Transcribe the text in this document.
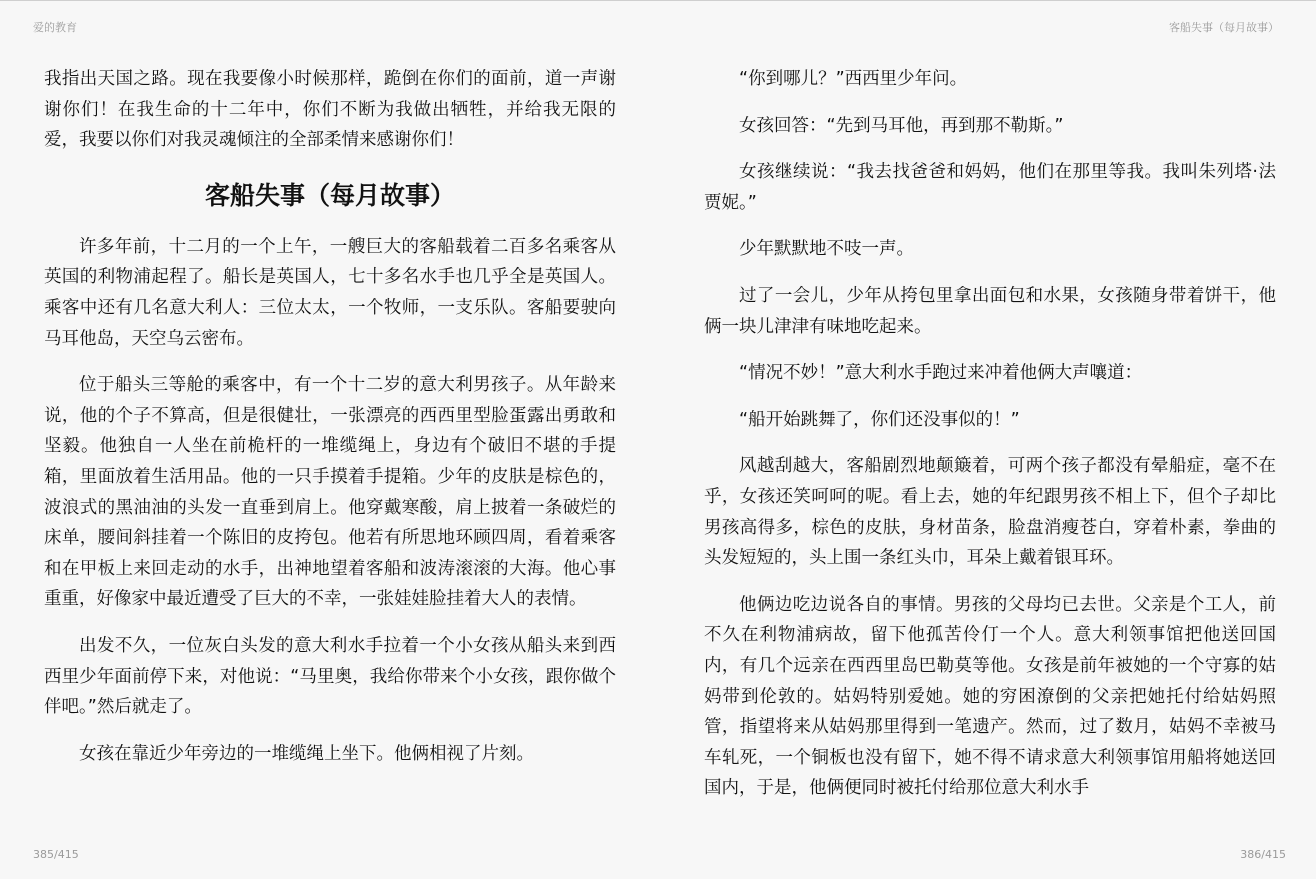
爱的教育	客船失事（每月故事）

我指出天国之路。现在我要像小时候那样，跪倒在你们的面前，道一声谢谢你们！在我生命的十二年中，你们不断为我做出牺牲，并给我无限的爱，我要以你们对我灵魂倾注的全部柔情来感谢你们！

客船失事（每月故事）

许多年前，十二月的一个上午，一艘巨大的客船载着二百多名乘客从英国的利物浦起程了。船长是英国人，七十多名水手也几乎全是英国人。乘客中还有几名意大利人：三位太太，一个牧师，一支乐队。客船要驶向马耳他岛，天空乌云密布。

位于船头三等舱的乘客中，有一个十二岁的意大利男孩子。从年龄来说，他的个子不算高，但是很健壮，一张漂亮的西西里型脸蛋露出勇敢和坚毅。他独自一人坐在前桅杆的一堆缆绳上，身边有个破旧不堪的手提箱，里面放着生活用品。他的一只手摸着手提箱。少年的皮肤是棕色的，波浪式的黑油油的头发一直垂到肩上。他穿戴寒酸，肩上披着一条破烂的床单，腰间斜挂着一个陈旧的皮挎包。他若有所思地环顾四周，看着乘客和在甲板上来回走动的水手，出神地望着客船和波涛滚滚的大海。他心事重重，好像家中最近遭受了巨大的不幸，一张娃娃脸挂着大人的表情。

出发不久，一位灰白头发的意大利水手拉着一个小女孩从船头来到西西里少年面前停下来，对他说：“马里奥，我给你带来个小女孩，跟你做个伴吧。”然后就走了。

女孩在靠近少年旁边的一堆缆绳上坐下。他俩相视了片刻。

“你到哪儿？”西西里少年问。

女孩回答：“先到马耳他，再到那不勒斯。”

女孩继续说：“我去找爸爸和妈妈，他们在那里等我。我叫朱列塔·法贾妮。”

少年默默地不吱一声。

过了一会儿，少年从挎包里拿出面包和水果，女孩随身带着饼干，他俩一块儿津津有味地吃起来。

“情况不妙！”意大利水手跑过来冲着他俩大声嚷道：

“船开始跳舞了，你们还没事似的！”

风越刮越大，客船剧烈地颠簸着，可两个孩子都没有晕船症，毫不在乎，女孩还笑呵呵的呢。看上去，她的年纪跟男孩不相上下，但个子却比男孩高得多，棕色的皮肤，身材苗条，脸盘消瘦苍白，穿着朴素，拳曲的头发短短的，头上围一条红头巾，耳朵上戴着银耳环。

他俩边吃边说各自的事情。男孩的父母均已去世。父亲是个工人，前不久在利物浦病故，留下他孤苦伶仃一个人。意大利领事馆把他送回国内，有几个远亲在西西里岛巴勒莫等他。女孩是前年被她的一个守寡的姑妈带到伦敦的。姑妈特别爱她。她的穷困潦倒的父亲把她托付给姑妈照管，指望将来从姑妈那里得到一笔遗产。然而，过了数月，姑妈不幸被马车轧死，一个铜板也没有留下，她不得不请求意大利领事馆用船将她送回国内，于是，他俩便同时被托付给那位意大利水手

385/415	386/415
